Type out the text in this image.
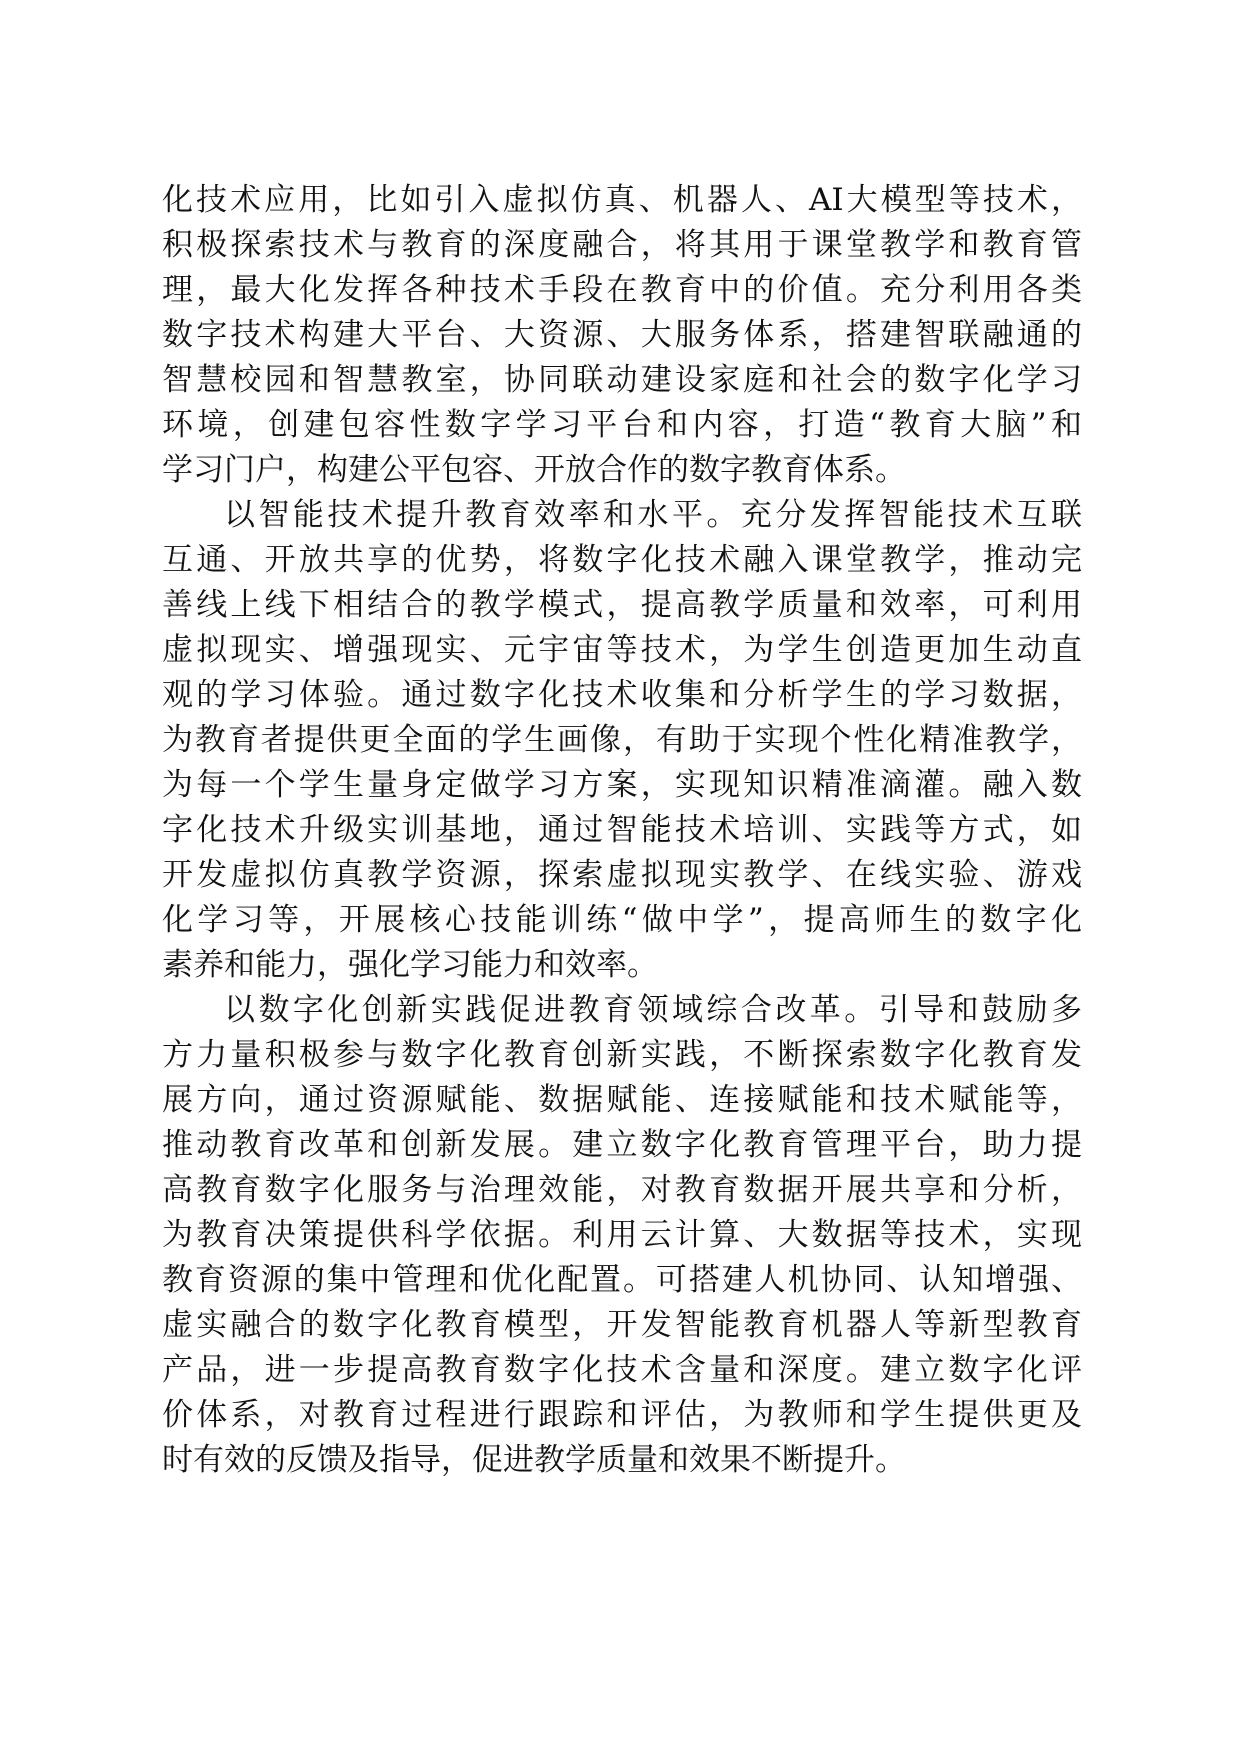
化技术应用，比如引入虚拟仿真、机器人、AI大模型等技术，
积极探索技术与教育的深度融合，将其用于课堂教学和教育管
理，最大化发挥各种技术手段在教育中的价值。充分利用各类
数字技术构建大平台、大资源、大服务体系，搭建智联融通的
智慧校园和智慧教室，协同联动建设家庭和社会的数字化学习
环境，创建包容性数字学习平台和内容，打造“教育大脑”和
学习门户，构建公平包容、开放合作的数字教育体系。
以智能技术提升教育效率和水平。充分发挥智能技术互联
互通、开放共享的优势，将数字化技术融入课堂教学，推动完
善线上线下相结合的教学模式，提高教学质量和效率，可利用
虚拟现实、增强现实、元宇宙等技术，为学生创造更加生动直
观的学习体验。通过数字化技术收集和分析学生的学习数据，
为教育者提供更全面的学生画像，有助于实现个性化精准教学，
为每一个学生量身定做学习方案，实现知识精准滴灌。融入数
字化技术升级实训基地，通过智能技术培训、实践等方式，如
开发虚拟仿真教学资源，探索虚拟现实教学、在线实验、游戏
化学习等，开展核心技能训练“做中学”，提高师生的数字化
素养和能力，强化学习能力和效率。
以数字化创新实践促进教育领域综合改革。引导和鼓励多
方力量积极参与数字化教育创新实践，不断探索数字化教育发
展方向，通过资源赋能、数据赋能、连接赋能和技术赋能等，
推动教育改革和创新发展。建立数字化教育管理平台，助力提
高教育数字化服务与治理效能，对教育数据开展共享和分析，
为教育决策提供科学依据。利用云计算、大数据等技术，实现
教育资源的集中管理和优化配置。可搭建人机协同、认知增强、
虚实融合的数字化教育模型，开发智能教育机器人等新型教育
产品，进一步提高教育数字化技术含量和深度。建立数字化评
价体系，对教育过程进行跟踪和评估，为教师和学生提供更及
时有效的反馈及指导，促进教学质量和效果不断提升。
